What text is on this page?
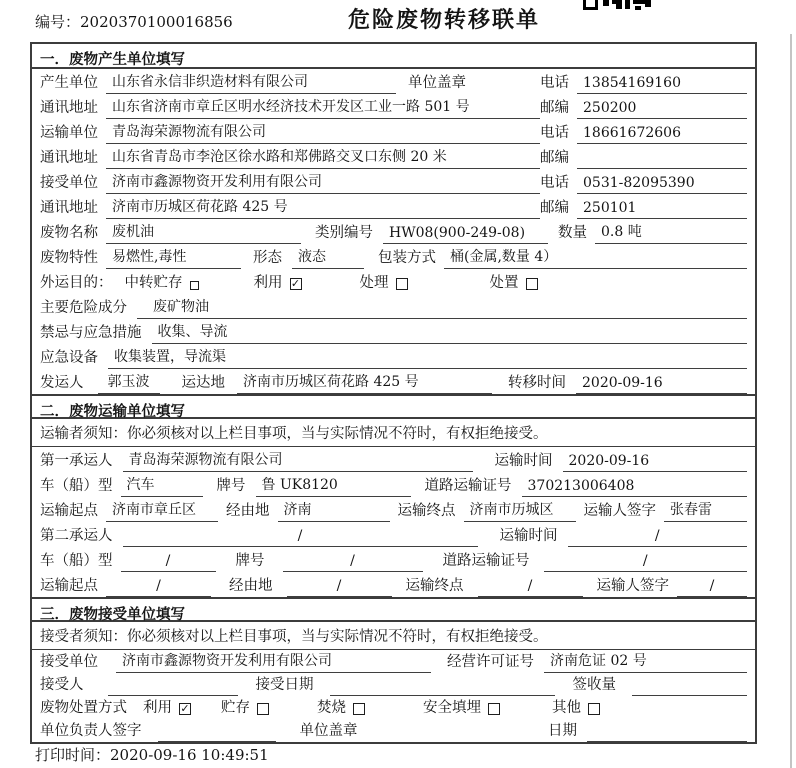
编号：2020370100016856	危险废物转移联单
一．废物产生单位填写
产生单位	山东省永信非织造材料有限公司	单位盖章	电话	13854169160
通讯地址	山东省济南市章丘区明水经济技术开发区工业一路 501 号	邮编	250200
运输单位	青岛海荣源物流有限公司	电话	18661672606
通讯地址	山东省青岛市李沧区徐水路和郑佛路交叉口东侧 20 米	邮编
接受单位	济南市鑫源物资开发利用有限公司	电话	0531-82095390
通讯地址	济南市历城区荷花路 425 号	邮编	250101
废物名称	废机油	类别编号	HW08(900-249-08)	数量	0.8 吨
废物特性	易燃性,毒性	形态	液态	包装方式	桶(金属,数量 4）
外运目的： 中转贮存	利用 ✓	处理	处置
主要危险成分	废矿物油
禁忌与应急措施	收集、导流
应急设备	收集装置，导流渠
发运人	郭玉波	运达地	济南市历城区荷花路 425 号	转移时间	2020-09-16
二．废物运输单位填写
运输者须知：你必须核对以上栏目事项，当与实际情况不符时，有权拒绝接受。
第一承运人	青岛海荣源物流有限公司	运输时间	2020-09-16
车（船）型	汽车	牌号	鲁 UK8120	道路运输证号	370213006408
运输起点	济南市章丘区	经由地	济南	运输终点	济南市历城区	运输人签字	张春雷
第二承运人	/	运输时间	/
车（船）型	/	牌号	/	道路运输证号	/
运输起点	/	经由地	/	运输终点	/	运输人签字	/
三．废物接受单位填写
接受者须知：你必须核对以上栏目事项，当与实际情况不符时，有权拒绝接受。
接受单位	济南市鑫源物资开发利用有限公司	经营许可证号	济南危证 02 号
接受人	接受日期	签收量
废物处置方式 利用 ✓ 贮存	焚烧	安全填埋	其他
单位负责人签字	单位盖章	日期
打印时间：2020-09-16 10:49:51
